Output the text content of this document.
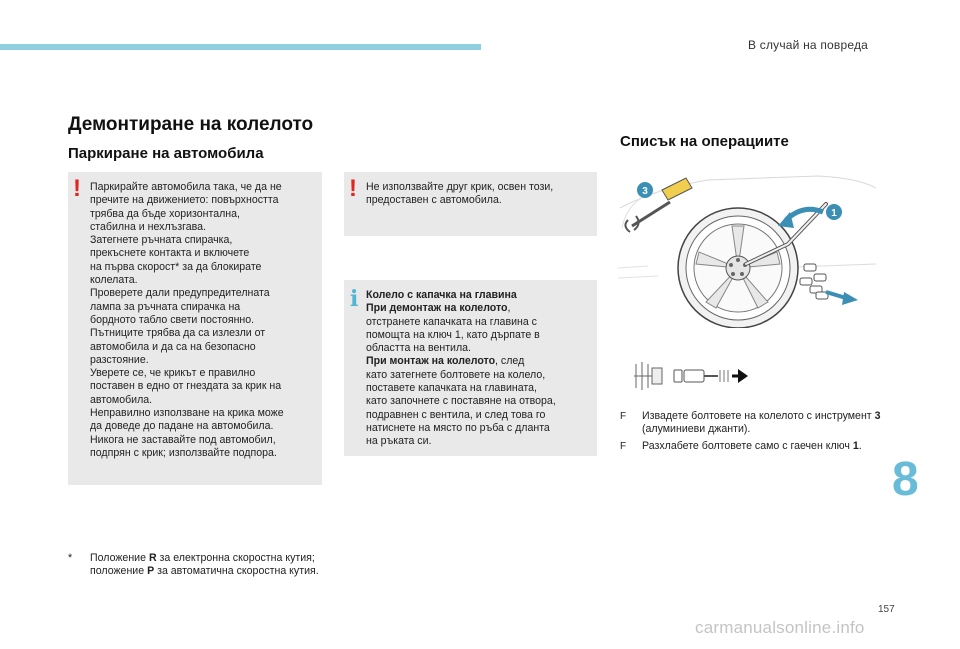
В случай на повреда
Демонтиране на колелото
Паркиране на автомобила
Списък на операциите
! Паркирайте автомобила така, че да не

пречите на движението: повърхността

трябва да бъде хоризонтална,

стабилна и нехлъзгава.

Затегнете ръчната спирачка,

прекъснете контакта и включете

на първа скорост* за да блокирате

колелата.

Проверете дали предупредителната

лампа за ръчната спирачка на

бордното табло свети постоянно.

Пътниците трябва да са излезли от

автомобила и да са на безопасно

разстояние.

Уверете се, че крикът е правилно

поставен в едно от гнездата за крик на

автомобила.

Неправилно използване на крика може

да доведе до падане на автомобила.

Никога не заставайте под автомобил,

подпрян с крик; използвайте подпора.

! Не използвайте друг крик, освен този,

предоставен с автомобила.

i Колело с капачка на главина

При демонтаж на колелото,

отстранете капачката на главина с

помощта на ключ 1, като дърпате в

областта на вентила.

При монтаж на колелото, след

като затегнете болтовете на колело,

поставете капачката на главината,

като започнете с поставяне на отвора,

подравнен с вентила, и след това го

натиснете на място по ръба с дланта

на ръката си.

* Положение R за електронна скоростна кутия; положение P за автоматична скоростна кутия.
3
1
F Извадете болтовете на колелото с инструмент 3 (алуминиеви джанти).
F Разхлабете болтовете само с гаечен ключ 1.
8
157
carmanualsonline.info
